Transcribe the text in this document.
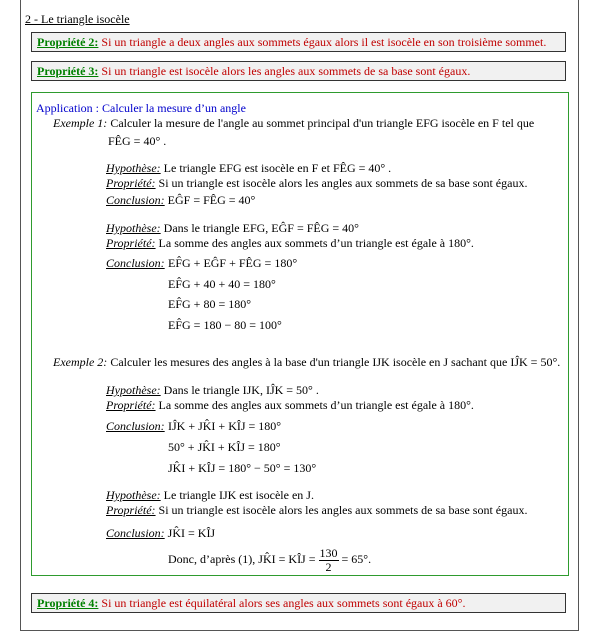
2 - Le triangle isocèle
Propriété 2: Si un triangle a deux angles aux sommets égaux alors il est isocèle en son troisième sommet.
Propriété 3: Si un triangle est isocèle alors les angles aux sommets de sa base sont égaux.
Application : Calculer la mesure d’un angle
Exemple 1: Calculer la mesure de l'angle au sommet principal d'un triangle EFG isocèle en F tel que
FÊG = 40° .
Hypothèse: Le triangle EFG est isocèle en F et FÊG = 40° .
Propriété: Si un triangle est isocèle alors les angles aux sommets de sa base sont égaux.
Conclusion: EĜF = FÊG = 40°
Hypothèse: Dans le triangle EFG, EĜF = FÊG = 40°
Propriété: La somme des angles aux sommets d’un triangle est égale à 180°.
Conclusion: EF̂G + EĜF + FÊG = 180°
EF̂G + 40 + 40 = 180°
EF̂G + 80 = 180°
EF̂G = 180 − 80 = 100°
Exemple 2: Calculer les mesures des angles à la base d'un triangle IJK isocèle en J sachant que IĴK = 50°.
Hypothèse: Dans le triangle IJK, IĴK = 50° .
Propriété: La somme des angles aux sommets d’un triangle est égale à 180°.
Conclusion: IĴK + JK̂I + KÎJ = 180°
50° + JK̂I + KÎJ = 180°
JK̂I + KÎJ = 180° − 50° = 130°
Hypothèse: Le triangle IJK est isocèle en J.
Propriété: Si un triangle est isocèle alors les angles aux sommets de sa base sont égaux.
Conclusion: JK̂I = KÎJ
Donc, d’après (1), JK̂I = KÎJ = $\frac{130}{2} = 65^\circ$.
Propriété 4: Si un triangle est équilatéral alors ses angles aux sommets sont égaux à 60°.
